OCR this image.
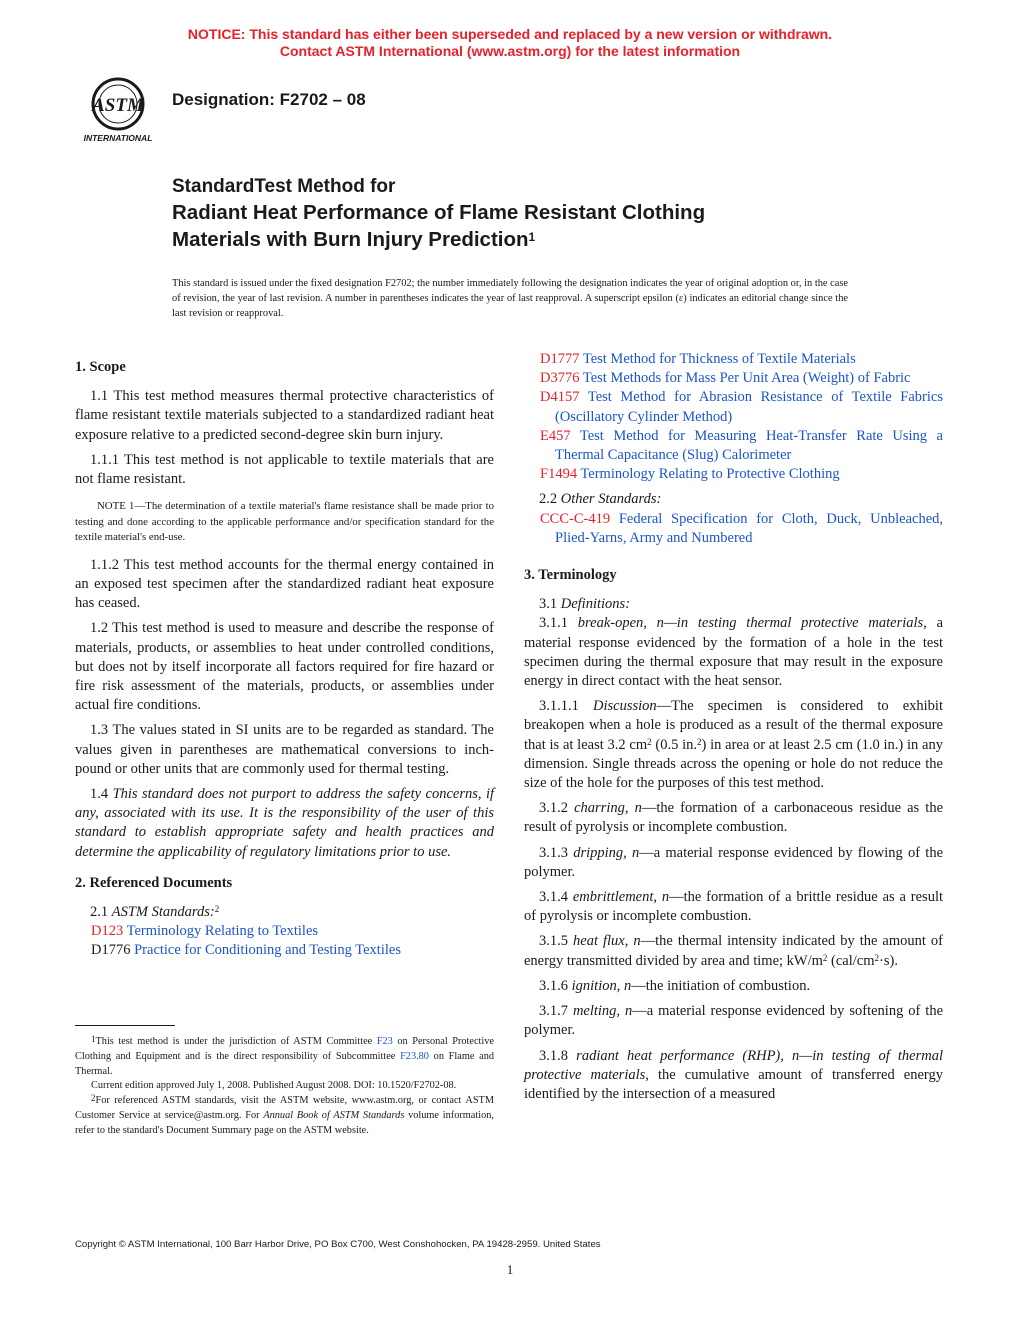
NOTICE: This standard has either been superseded and replaced by a new version or withdrawn.
Contact ASTM International (www.astm.org) for the latest information
ASTM
INTERNATIONAL
Designation: F2702 – 08
StandardTest Method for
Radiant Heat Performance of Flame Resistant Clothing
Materials with Burn Injury Prediction$^1$
This standard is issued under the fixed designation F2702; the number immediately following the designation indicates the year of original adoption or, in the case of revision, the year of last revision. A number in parentheses indicates the year of last reapproval. A superscript epsilon (ε) indicates an editorial change since the last revision or reapproval.

1. Scope

1.1 This test method measures thermal protective characteristics of flame resistant textile materials subjected to a standardized radiant heat exposure relative to a predicted second-degree skin burn injury.

1.1.1 This test method is not applicable to textile materials that are not flame resistant.

NOTE 1—The determination of a textile material's flame resistance shall be made prior to testing and done according to the applicable performance and/or specification standard for the textile material's end-use.

1.1.2 This test method accounts for the thermal energy contained in an exposed test specimen after the standardized radiant heat exposure has ceased.

1.2 This test method is used to measure and describe the response of materials, products, or assemblies to heat under controlled conditions, but does not by itself incorporate all factors required for fire hazard or fire risk assessment of the materials, products, or assemblies under actual fire conditions.

1.3 The values stated in SI units are to be regarded as standard. The values given in parentheses are mathematical conversions to inch-pound or other units that are commonly used for thermal testing.

1.4 This standard does not purport to address the safety concerns, if any, associated with its use. It is the responsibility of the user of this standard to establish appropriate safety and health practices and determine the applicability of regulatory limitations prior to use.

2. Referenced Documents

2.1 ASTM Standards:$^2$

D123 Terminology Relating to Textiles

D1776 Practice for Conditioning and Testing Textiles

$^1$This test method is under the jurisdiction of ASTM Committee F23 on Personal Protective Clothing and Equipment and is the direct responsibility of Subcommittee F23.80 on Flame and Thermal.

Current edition approved July 1, 2008. Published August 2008. DOI: 10.1520/F2702-08.

$^2$For referenced ASTM standards, visit the ASTM website, www.astm.org, or contact ASTM Customer Service at service@astm.org. For Annual Book of ASTM Standards volume information, refer to the standard's Document Summary page on the ASTM website.

D1777 Test Method for Thickness of Textile Materials

D3776 Test Methods for Mass Per Unit Area (Weight) of Fabric

D4157 Test Method for Abrasion Resistance of Textile Fabrics (Oscillatory Cylinder Method)

E457 Test Method for Measuring Heat-Transfer Rate Using a Thermal Capacitance (Slug) Calorimeter

F1494 Terminology Relating to Protective Clothing

2.2 Other Standards:

CCC-C-419 Federal Specification for Cloth, Duck, Unbleached, Plied-Yarns, Army and Numbered

3. Terminology

3.1 Definitions:

3.1.1 break-open, n—in testing thermal protective materials, a material response evidenced by the formation of a hole in the test specimen during the thermal exposure that may result in the exposure energy in direct contact with the heat sensor.

3.1.1.1 Discussion—The specimen is considered to exhibit breakopen when a hole is produced as a result of the thermal exposure that is at least 3.2 $cm^2$ (0.5 in.$^2$) in area or at least 2.5 cm (1.0 in.) in any dimension. Single threads across the opening or hole do not reduce the size of the hole for the purposes of this test method.

3.1.2 charring, n—the formation of a carbonaceous residue as the result of pyrolysis or incomplete combustion.

3.1.3 dripping, n—a material response evidenced by flowing of the polymer.

3.1.4 embrittlement, n—the formation of a brittle residue as a result of pyrolysis or incomplete combustion.

3.1.5 heat flux, n—the thermal intensity indicated by the amount of energy transmitted divided by area and time; $kW/m^2$ $(cal/cm^2\cdot s)$.

3.1.6 ignition, n—the initiation of combustion.

3.1.7 melting, n—a material response evidenced by softening of the polymer.

3.1.8 radiant heat performance (RHP), n—in testing of thermal protective materials, the cumulative amount of transferred energy identified by the intersection of a measured

Copyright © ASTM International, 100 Barr Harbor Drive, PO Box C700, West Conshohocken, PA 19428-2959. United States
1
